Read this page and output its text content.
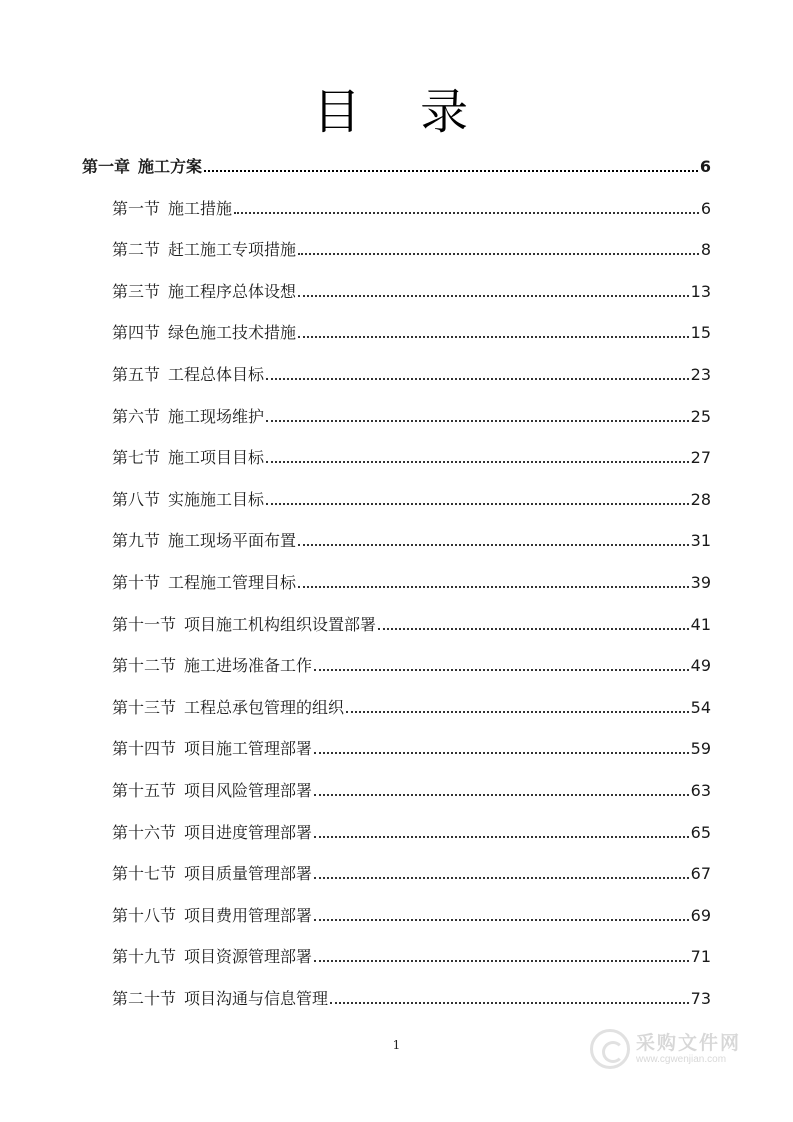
目 录
第一章 施工方案	6
第一节 施工措施	6
第二节 赶工施工专项措施	8
第三节 施工程序总体设想	13
第四节 绿色施工技术措施	15
第五节 工程总体目标	23
第六节 施工现场维护	25
第七节 施工项目目标	27
第八节 实施施工目标	28
第九节 施工现场平面布置	31
第十节 工程施工管理目标	39
第十一节 项目施工机构组织设置部署	41
第十二节 施工进场准备工作	49
第十三节 工程总承包管理的组织	54
第十四节 项目施工管理部署	59
第十五节 项目风险管理部署	63
第十六节 项目进度管理部署	65
第十七节 项目质量管理部署	67
第十八节 项目费用管理部署	69
第十九节 项目资源管理部署	71
第二十节 项目沟通与信息管理	73
1	采购文件网
www.cgwenjian.com
